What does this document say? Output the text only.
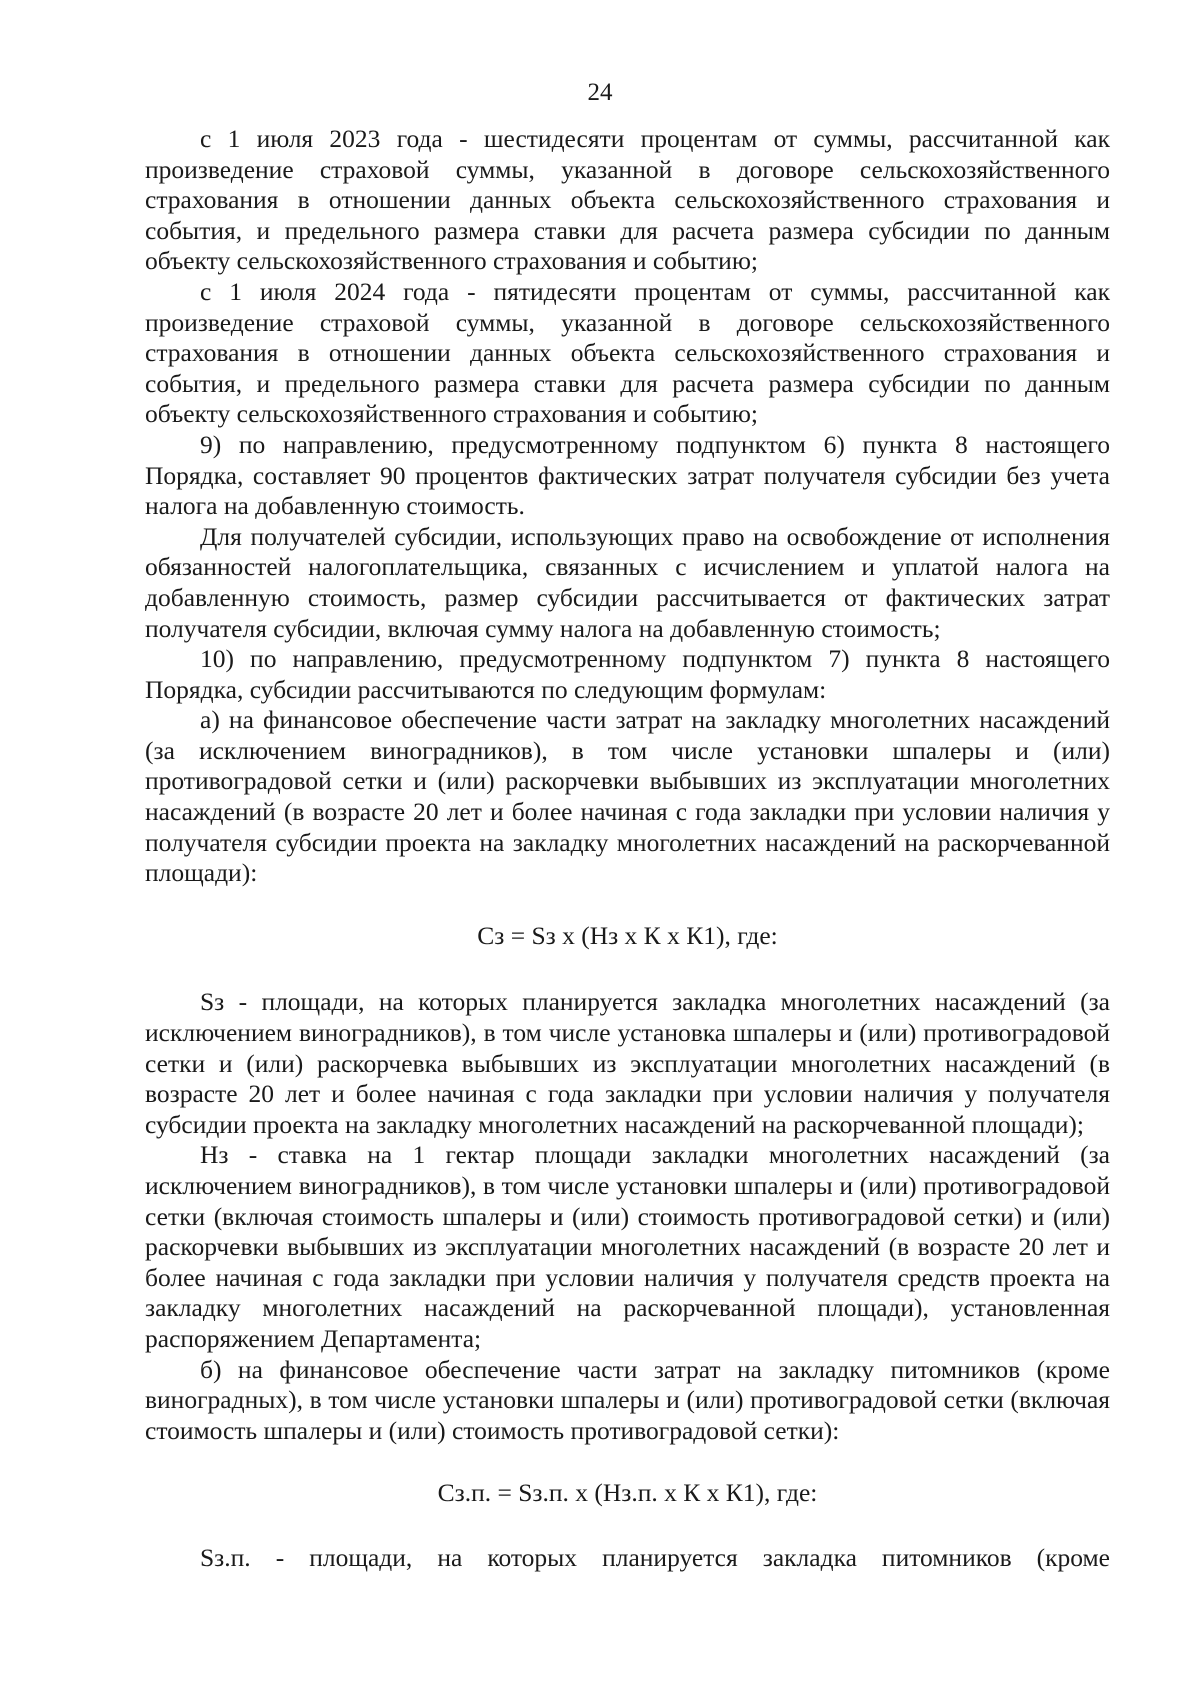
24

с 1 июля 2023 года - шестидесяти процентам от суммы, рассчитанной как произведение страховой суммы, указанной в договоре сельскохозяйственного страхования в отношении данных объекта сельскохозяйственного страхования и события, и предельного размера ставки для расчета размера субсидии по данным объекту сельскохозяйственного страхования и событию;

с 1 июля 2024 года - пятидесяти процентам от суммы, рассчитанной как произведение страховой суммы, указанной в договоре сельскохозяйственного страхования в отношении данных объекта сельскохозяйственного страхования и события, и предельного размера ставки для расчета размера субсидии по данным объекту сельскохозяйственного страхования и событию;

9) по направлению, предусмотренному подпунктом 6) пункта 8 настоящего Порядка, составляет 90 процентов фактических затрат получателя субсидии без учета налога на добавленную стоимость.

Для получателей субсидии, использующих право на освобождение от исполнения обязанностей налогоплательщика, связанных с исчислением и уплатой налога на добавленную стоимость, размер субсидии рассчитывается от фактических затрат получателя субсидии, включая сумму налога на добавленную стоимость;

10) по направлению, предусмотренному подпунктом 7) пункта 8 настоящего Порядка, субсидии рассчитываются по следующим формулам:

а) на финансовое обеспечение части затрат на закладку многолетних насаждений (за исключением виноградников), в том числе установки шпалеры и (или) противоградовой сетки и (или) раскорчевки выбывших из эксплуатации многолетних насаждений (в возрасте 20 лет и более начиная с года закладки при условии наличия у получателя субсидии проекта на закладку многолетних насаждений на раскорчеванной площади):

Сз = Sз х (Нз х К х К1), где:

Sз - площади, на которых планируется закладка многолетних насаждений (за исключением виноградников), в том числе установка шпалеры и (или) противоградовой сетки и (или) раскорчевка выбывших из эксплуатации многолетних насаждений (в возрасте 20 лет и более начиная с года закладки при условии наличия у получателя субсидии проекта на закладку многолетних насаждений на раскорчеванной площади);

Нз - ставка на 1 гектар площади закладки многолетних насаждений (за исключением виноградников), в том числе установки шпалеры и (или) противоградовой сетки (включая стоимость шпалеры и (или) стоимость противоградовой сетки) и (или) раскорчевки выбывших из эксплуатации многолетних насаждений (в возрасте 20 лет и более начиная с года закладки при условии наличия у получателя средств проекта на закладку многолетних насаждений на раскорчеванной площади), установленная распоряжением Департамента;

б) на финансовое обеспечение части затрат на закладку питомников (кроме виноградных), в том числе установки шпалеры и (или) противоградовой сетки (включая стоимость шпалеры и (или) стоимость противоградовой сетки):

Сз.п. = Sз.п. х (Нз.п. х К х К1), где:

Sз.п. - площади, на которых планируется закладка питомников (кроме
